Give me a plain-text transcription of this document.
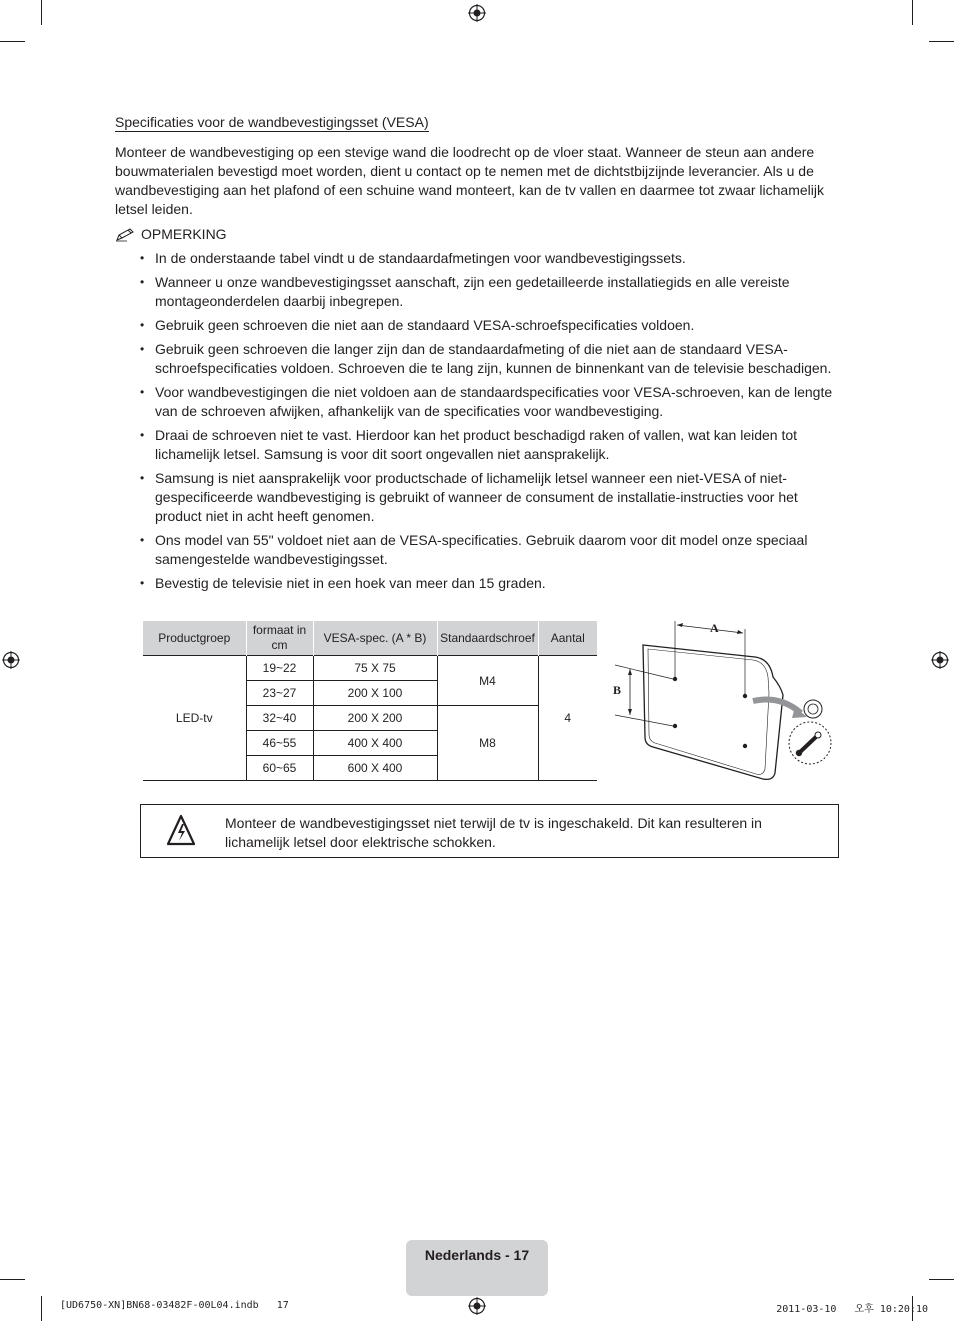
Specificaties voor de wandbevestigingsset (VESA)

Monteer de wandbevestiging op een stevige wand die loodrecht op de vloer staat. Wanneer de steun aan andere bouwmaterialen bevestigd moet worden, dient u contact op te nemen met de dichtstbijzijnde leverancier. Als u de wandbevestiging aan het plafond of een schuine wand monteert, kan de tv vallen en daarmee tot zwaar lichamelijk letsel leiden.

OPMERKING
• In de onderstaande tabel vindt u de standaardafmetingen voor wandbevestigingssets.
• Wanneer u onze wandbevestigingsset aanschaft, zijn een gedetailleerde installatiegids en alle vereiste montageonderdelen daarbij inbegrepen.
• Gebruik geen schroeven die niet aan de standaard VESA-schroefspecificaties voldoen.
• Gebruik geen schroeven die langer zijn dan de standaardafmeting of die niet aan de standaard VESA-schroefspecificaties voldoen. Schroeven die te lang zijn, kunnen de binnenkant van de televisie beschadigen.
• Voor wandbevestigingen die niet voldoen aan de standaardspecificaties voor VESA-schroeven, kan de lengte van de schroeven afwijken, afhankelijk van de specificaties voor wandbevestiging.
• Draai de schroeven niet te vast. Hierdoor kan het product beschadigd raken of vallen, wat kan leiden tot lichamelijk letsel. Samsung is voor dit soort ongevallen niet aansprakelijk.
• Samsung is niet aansprakelijk voor productschade of lichamelijk letsel wanneer een niet-VESA of niet-gespecificeerde wandbevestiging is gebruikt of wanneer de consument de installatie-instructies voor het product niet in acht heeft genomen.
• Ons model van 55" voldoet niet aan de VESA-specificaties. Gebruik daarom voor dit model onze speciaal samengestelde wandbevestigingsset.
• Bevestig de televisie niet in een hoek van meer dan 15 graden.
Productgroep	formaat in cm	VESA-spec. (A * B)	Standaardschroef	Aantal
LED-tv	19~22	75 X 75	M4	4
	23~27	200 X 100		
	32~40	200 X 200	M8	
	46~55	400 X 400		
	60~65	600 X 400		
A
B
Monteer de wandbevestigingsset niet terwijl de tv is ingeschakeld. Dit kan resulteren in lichamelijk letsel door elektrische schokken.
Nederlands - 17
[UD6750-XN]BN68-03482F-00L04.indb   17	2011-03-10   오후 10:20:10
